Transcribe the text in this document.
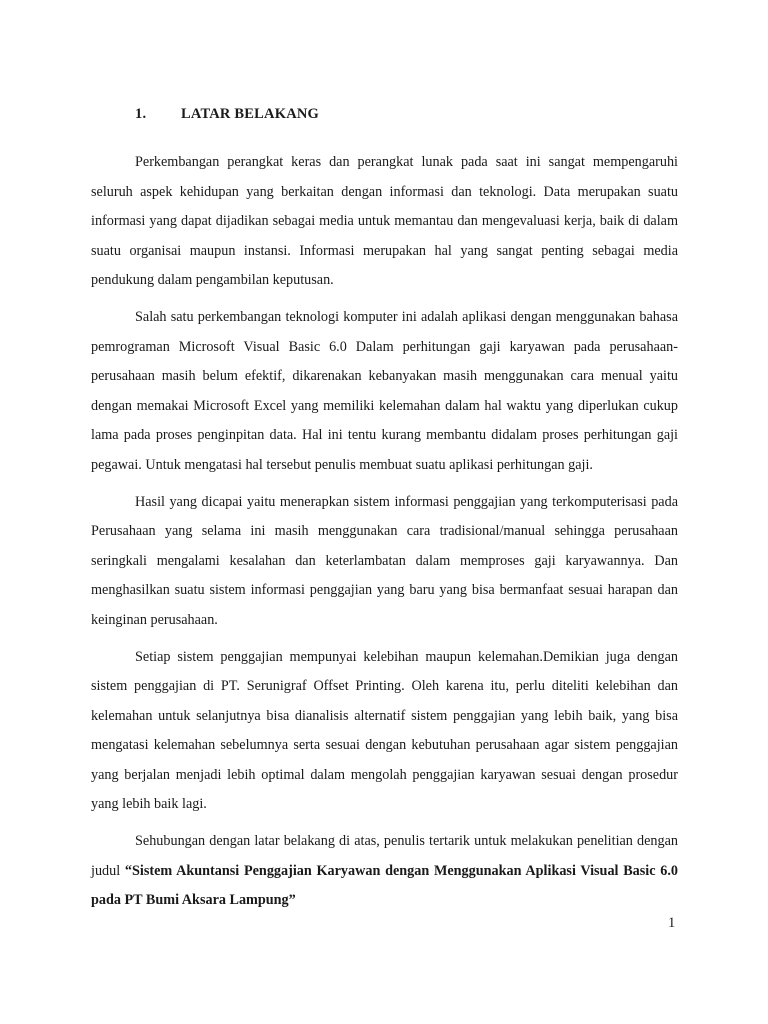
1. LATAR BELAKANG

Perkembangan perangkat keras dan perangkat lunak pada saat ini sangat mempengaruhi seluruh aspek kehidupan yang berkaitan dengan informasi dan teknologi. Data merupakan suatu informasi yang dapat dijadikan sebagai media untuk memantau dan mengevaluasi kerja, baik di dalam suatu organisai maupun instansi. Informasi merupakan hal yang sangat penting sebagai media pendukung dalam pengambilan keputusan.

Salah satu perkembangan teknologi komputer ini adalah aplikasi dengan menggunakan bahasa pemrograman Microsoft Visual Basic 6.0 Dalam perhitungan gaji karyawan pada perusahaan-perusahaan masih belum efektif, dikarenakan kebanyakan masih menggunakan cara menual yaitu dengan memakai Microsoft Excel yang memiliki kelemahan dalam hal waktu yang diperlukan cukup lama pada proses penginpitan data. Hal ini tentu kurang membantu didalam proses perhitungan gaji pegawai. Untuk mengatasi hal tersebut penulis membuat suatu aplikasi perhitungan gaji.

Hasil yang dicapai yaitu menerapkan sistem informasi penggajian yang terkomputerisasi pada Perusahaan yang selama ini masih menggunakan cara tradisional/manual sehingga perusahaan seringkali mengalami kesalahan dan keterlambatan dalam memproses gaji karyawannya. Dan menghasilkan suatu sistem informasi penggajian yang baru yang bisa bermanfaat sesuai harapan dan keinginan perusahaan.

Setiap sistem penggajian mempunyai kelebihan maupun kelemahan.Demikian juga dengan sistem penggajian di PT. Serunigraf Offset Printing. Oleh karena itu, perlu diteliti kelebihan dan kelemahan untuk selanjutnya bisa dianalisis alternatif sistem penggajian yang lebih baik, yang bisa mengatasi kelemahan sebelumnya serta sesuai dengan kebutuhan perusahaan agar sistem penggajian yang berjalan menjadi lebih optimal dalam mengolah penggajian karyawan sesuai dengan prosedur yang lebih baik lagi.

Sehubungan dengan latar belakang di atas, penulis tertarik untuk melakukan penelitian dengan judul “Sistem Akuntansi Penggajian Karyawan dengan Menggunakan Aplikasi Visual Basic 6.0 pada PT Bumi Aksara Lampung”

1
